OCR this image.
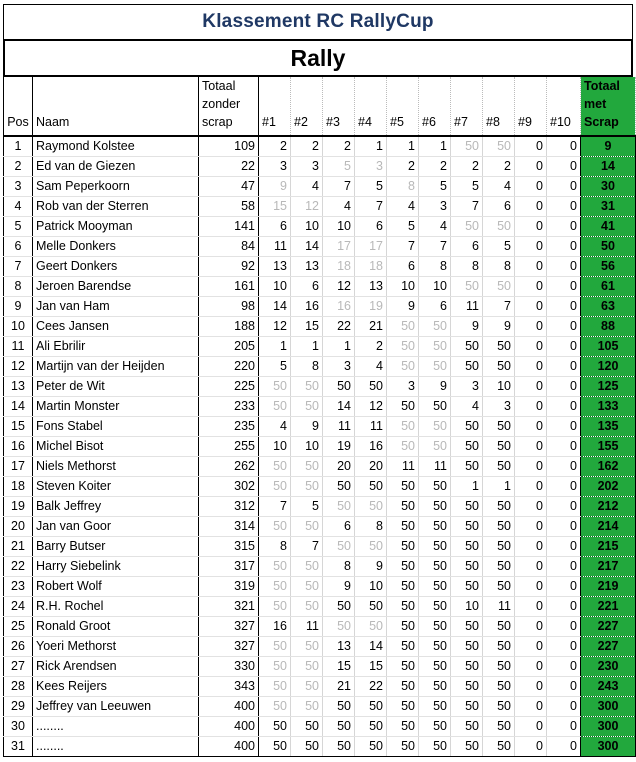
Klassement RC RallyCup
Rally
Pos	Naam	Totaal
zonder
scrap	#1	#2	#3	#4	#5	#6	#7	#8	#9	#10	Totaal
met
Scrap
1	Raymond Kolstee	109	2	2	2	1	1	1	50	50	0	0	9
2	Ed van de Giezen	22	3	3	5	3	2	2	2	2	0	0	14
3	Sam Peperkoorn	47	9	4	7	5	8	5	5	4	0	0	30
4	Rob van der Sterren	58	15	12	4	7	4	3	7	6	0	0	31
5	Patrick Mooyman	141	6	10	10	6	5	4	50	50	0	0	41
6	Melle Donkers	84	11	14	17	17	7	7	6	5	0	0	50
7	Geert Donkers	92	13	13	18	18	6	8	8	8	0	0	56
8	Jeroen Barendse	161	10	6	12	13	10	10	50	50	0	0	61
9	Jan van Ham	98	14	16	16	19	9	6	11	7	0	0	63
10	Cees Jansen	188	12	15	22	21	50	50	9	9	0	0	88
11	Ali Ebrilir	205	1	1	1	2	50	50	50	50	0	0	105
12	Martijn van der Heijden	220	5	8	3	4	50	50	50	50	0	0	120
13	Peter de Wit	225	50	50	50	50	3	9	3	10	0	0	125
14	Martin Monster	233	50	50	14	12	50	50	4	3	0	0	133
15	Fons Stabel	235	4	9	11	11	50	50	50	50	0	0	135
16	Michel Bisot	255	10	10	19	16	50	50	50	50	0	0	155
17	Niels Methorst	262	50	50	20	20	11	11	50	50	0	0	162
18	Steven Koiter	302	50	50	50	50	50	50	1	1	0	0	202
19	Balk Jeffrey	312	7	5	50	50	50	50	50	50	0	0	212
20	Jan van Goor	314	50	50	6	8	50	50	50	50	0	0	214
21	Barry Butser	315	8	7	50	50	50	50	50	50	0	0	215
22	Harry Siebelink	317	50	50	8	9	50	50	50	50	0	0	217
23	Robert Wolf	319	50	50	9	10	50	50	50	50	0	0	219
24	R.H. Rochel	321	50	50	50	50	50	50	10	11	0	0	221
25	Ronald Groot	327	16	11	50	50	50	50	50	50	0	0	227
26	Yoeri Methorst	327	50	50	13	14	50	50	50	50	0	0	227
27	Rick Arendsen	330	50	50	15	15	50	50	50	50	0	0	230
28	Kees Reijers	343	50	50	21	22	50	50	50	50	0	0	243
29	Jeffrey van Leeuwen	400	50	50	50	50	50	50	50	50	0	0	300
30	........	400	50	50	50	50	50	50	50	50	0	0	300
31	........	400	50	50	50	50	50	50	50	50	0	0	300
